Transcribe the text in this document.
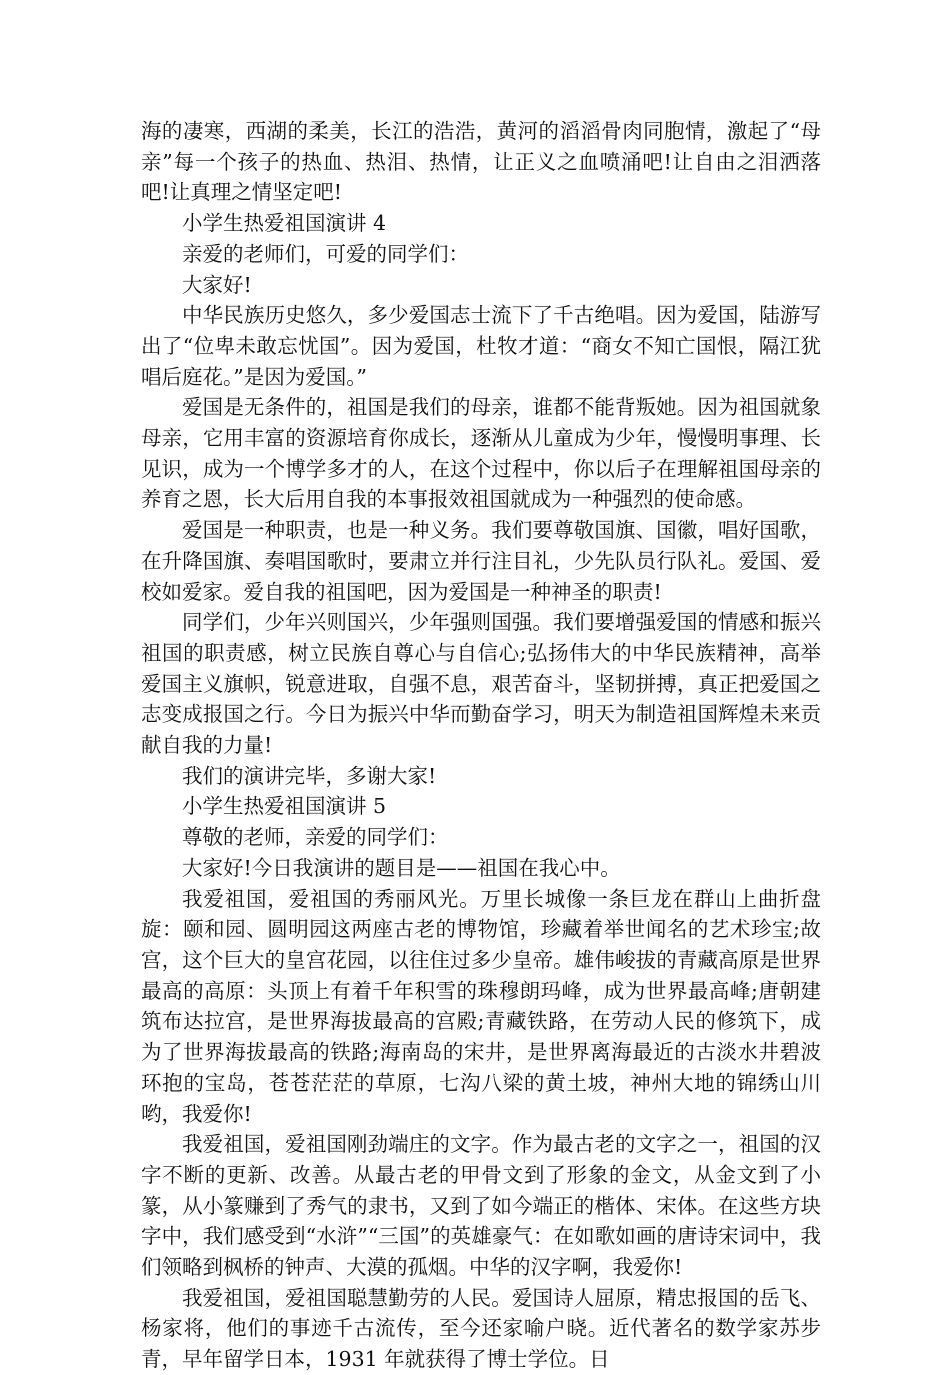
海的凄寒，西湖的柔美，长江的浩浩，黄河的滔滔骨肉同胞情，激起了“母亲”每一个孩子的热血、热泪、热情，让正义之血喷涌吧!让自由之泪洒落吧!让真理之情坚定吧!

小学生热爱祖国演讲 4

亲爱的老师们，可爱的同学们：

大家好!

中华民族历史悠久，多少爱国志士流下了千古绝唱。因为爱国，陆游写出了“位卑未敢忘忧国”。因为爱国，杜牧才道：“商女不知亡国恨，隔江犹唱后庭花。”是因为爱国。”

爱国是无条件的，祖国是我们的母亲，谁都不能背叛她。因为祖国就象母亲，它用丰富的资源培育你成长，逐渐从儿童成为少年，慢慢明事理、长见识，成为一个博学多才的人，在这个过程中，你以后子在理解祖国母亲的养育之恩，长大后用自我的本事报效祖国就成为一种强烈的使命感。

爱国是一种职责，也是一种义务。我们要尊敬国旗、国徽，唱好国歌，在升降国旗、奏唱国歌时，要肃立并行注目礼，少先队员行队礼。爱国、爱校如爱家。爱自我的祖国吧，因为爱国是一种神圣的职责!

同学们，少年兴则国兴，少年强则国强。我们要增强爱国的情感和振兴祖国的职责感，树立民族自尊心与自信心;弘扬伟大的中华民族精神，高举爱国主义旗帜，锐意进取，自强不息，艰苦奋斗，坚韧拼搏，真正把爱国之志变成报国之行。今日为振兴中华而勤奋学习，明天为制造祖国辉煌未来贡献自我的力量!

我们的演讲完毕，多谢大家!

小学生热爱祖国演讲 5

尊敬的老师，亲爱的同学们：

大家好!今日我演讲的题目是——祖国在我心中。

我爱祖国，爱祖国的秀丽风光。万里长城像一条巨龙在群山上曲折盘旋：颐和园、圆明园这两座古老的博物馆，珍藏着举世闻名的艺术珍宝;故宫，这个巨大的皇宫花园，以往住过多少皇帝。雄伟峻拔的青藏高原是世界最高的高原：头顶上有着千年积雪的珠穆朗玛峰，成为世界最高峰;唐朝建筑布达拉宫，是世界海拔最高的宫殿;青藏铁路，在劳动人民的修筑下，成为了世界海拔最高的铁路;海南岛的宋井，是世界离海最近的古淡水井碧波环抱的宝岛，苍苍茫茫的草原，七沟八梁的黄土坡，神州大地的锦绣山川哟，我爱你!

我爱祖国，爱祖国刚劲端庄的文字。作为最古老的文字之一，祖国的汉字不断的更新、改善。从最古老的甲骨文到了形象的金文，从金文到了小篆，从小篆赚到了秀气的隶书，又到了如今端正的楷体、宋体。在这些方块字中，我们感受到“水浒”“三国”的英雄豪气：在如歌如画的唐诗宋词中，我们领略到枫桥的钟声、大漠的孤烟。中华的汉字啊，我爱你!

我爱祖国，爱祖国聪慧勤劳的人民。爱国诗人屈原，精忠报国的岳飞、杨家将，他们的事迹千古流传，至今还家喻户晓。近代著名的数学家苏步青，早年留学日本，1931 年就获得了博士学位。日
